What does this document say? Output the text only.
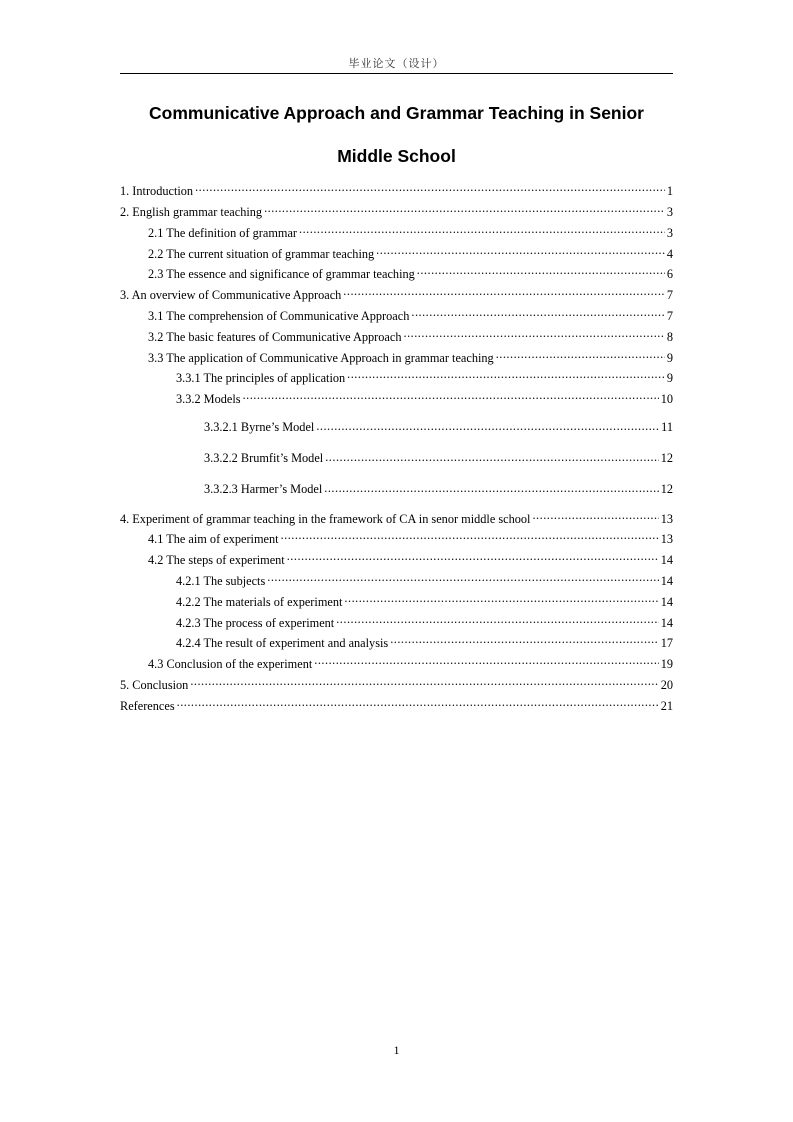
毕业论文（设计）
Communicative Approach and Grammar Teaching in Senior
Middle School
1. Introduction .....	1
2. English grammar teaching .....	3
2.1 The definition of grammar .....	3
2.2 The current situation of grammar teaching .....	4
2.3 The essence and significance of grammar teaching .....	6
3. An overview of Communicative Approach .....	7
3.1 The comprehension of Communicative Approach .....	7
3.2 The basic features of Communicative Approach .....	8
3.3 The application of Communicative Approach in grammar teaching .....	9
3.3.1 The principles of application .....	9
3.3.2 Models .....	10
3.3.2.1 Byrne’s Model .....	11
3.3.2.2 Brumfit’s Model .....	12
3.3.2.3 Harmer’s Model .....	12
4. Experiment of grammar teaching in the framework of CA in senor middle school .....	13
4.1 The aim of experiment .....	13
4.2 The steps of experiment .....	14
4.2.1 The subjects .....	14
4.2.2 The materials of experiment .....	14
4.2.3 The process of experiment .....	14
4.2.4 The result of experiment and analysis .....	17
4.3 Conclusion of the experiment .....	19
5. Conclusion .....	20
References .....	21
1
